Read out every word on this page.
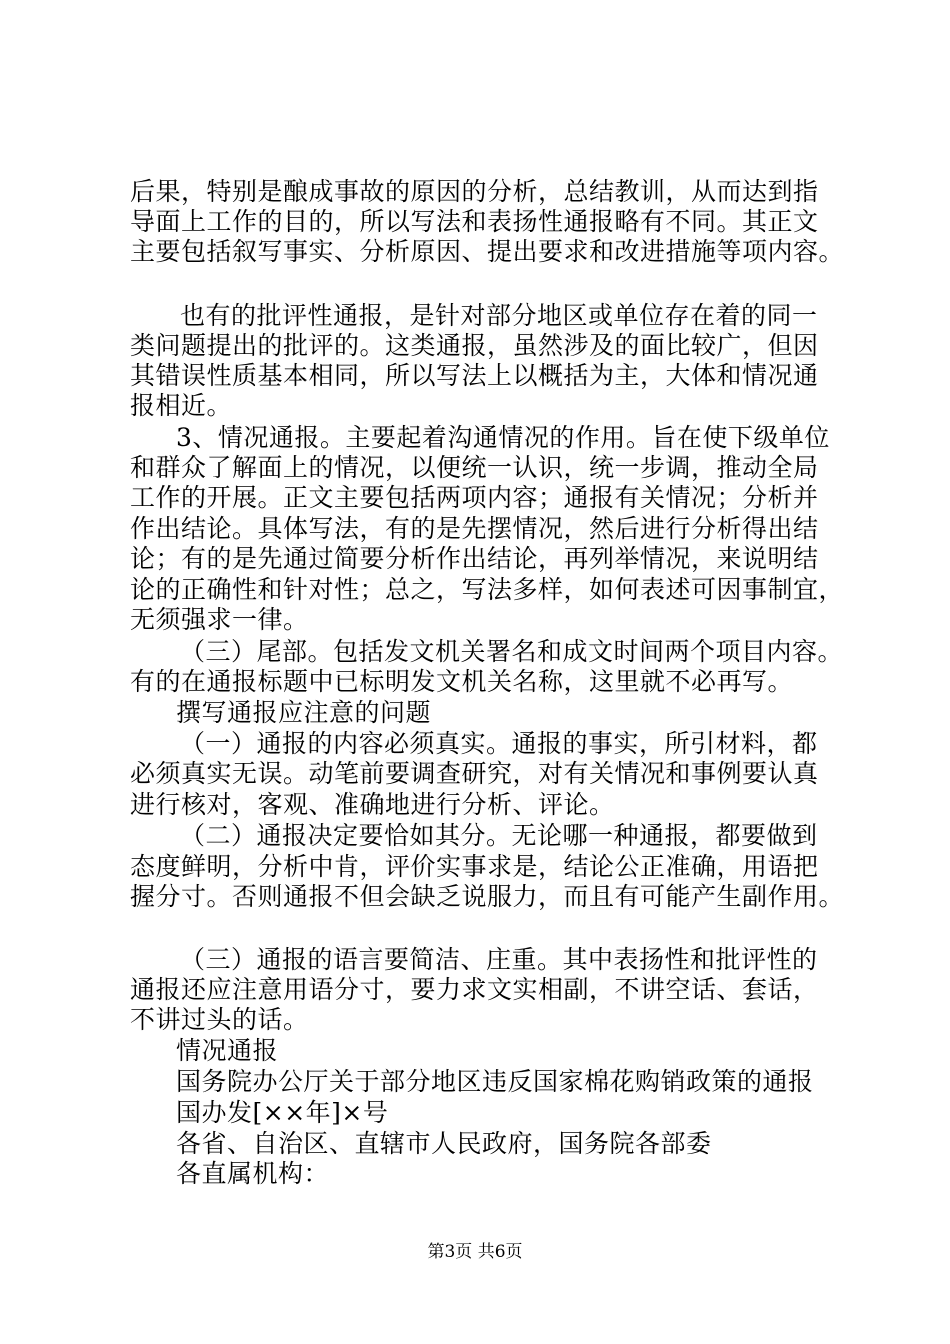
后果，特别是酿成事故的原因的分析，总结教训，从而达到指
导面上工作的目的，所以写法和表扬性通报略有不同。其正文
主要包括叙写事实、分析原因、提出要求和改进措施等项内容。
也有的批评性通报，是针对部分地区或单位存在着的同一
类问题提出的批评的。这类通报，虽然涉及的面比较广，但因
其错误性质基本相同，所以写法上以概括为主，大体和情况通
报相近。
3、情况通报。主要起着沟通情况的作用。旨在使下级单位
和群众了解面上的情况，以便统一认识，统一步调，推动全局
工作的开展。正文主要包括两项内容；通报有关情况；分析并
作出结论。具体写法，有的是先摆情况，然后进行分析得出结
论；有的是先通过简要分析作出结论，再列举情况，来说明结
论的正确性和针对性；总之，写法多样，如何表述可因事制宜，
无须强求一律。
（三）尾部。包括发文机关署名和成文时间两个项目内容。
有的在通报标题中已标明发文机关名称，这里就不必再写。
撰写通报应注意的问题
（一）通报的内容必须真实。通报的事实，所引材料，都
必须真实无误。动笔前要调查研究，对有关情况和事例要认真
进行核对，客观、准确地进行分析、评论。
（二）通报决定要恰如其分。无论哪一种通报，都要做到
态度鲜明，分析中肯，评价实事求是，结论公正准确，用语把
握分寸。否则通报不但会缺乏说服力，而且有可能产生副作用。
（三）通报的语言要简洁、庄重。其中表扬性和批评性的
通报还应注意用语分寸，要力求文实相副，不讲空话、套话，
不讲过头的话。
情况通报
国务院办公厅关于部分地区违反国家棉花购销政策的通报
国办发[××年]×号
各省、自治区、直辖市人民政府，国务院各部委
各直属机构：
第3页 共6页
